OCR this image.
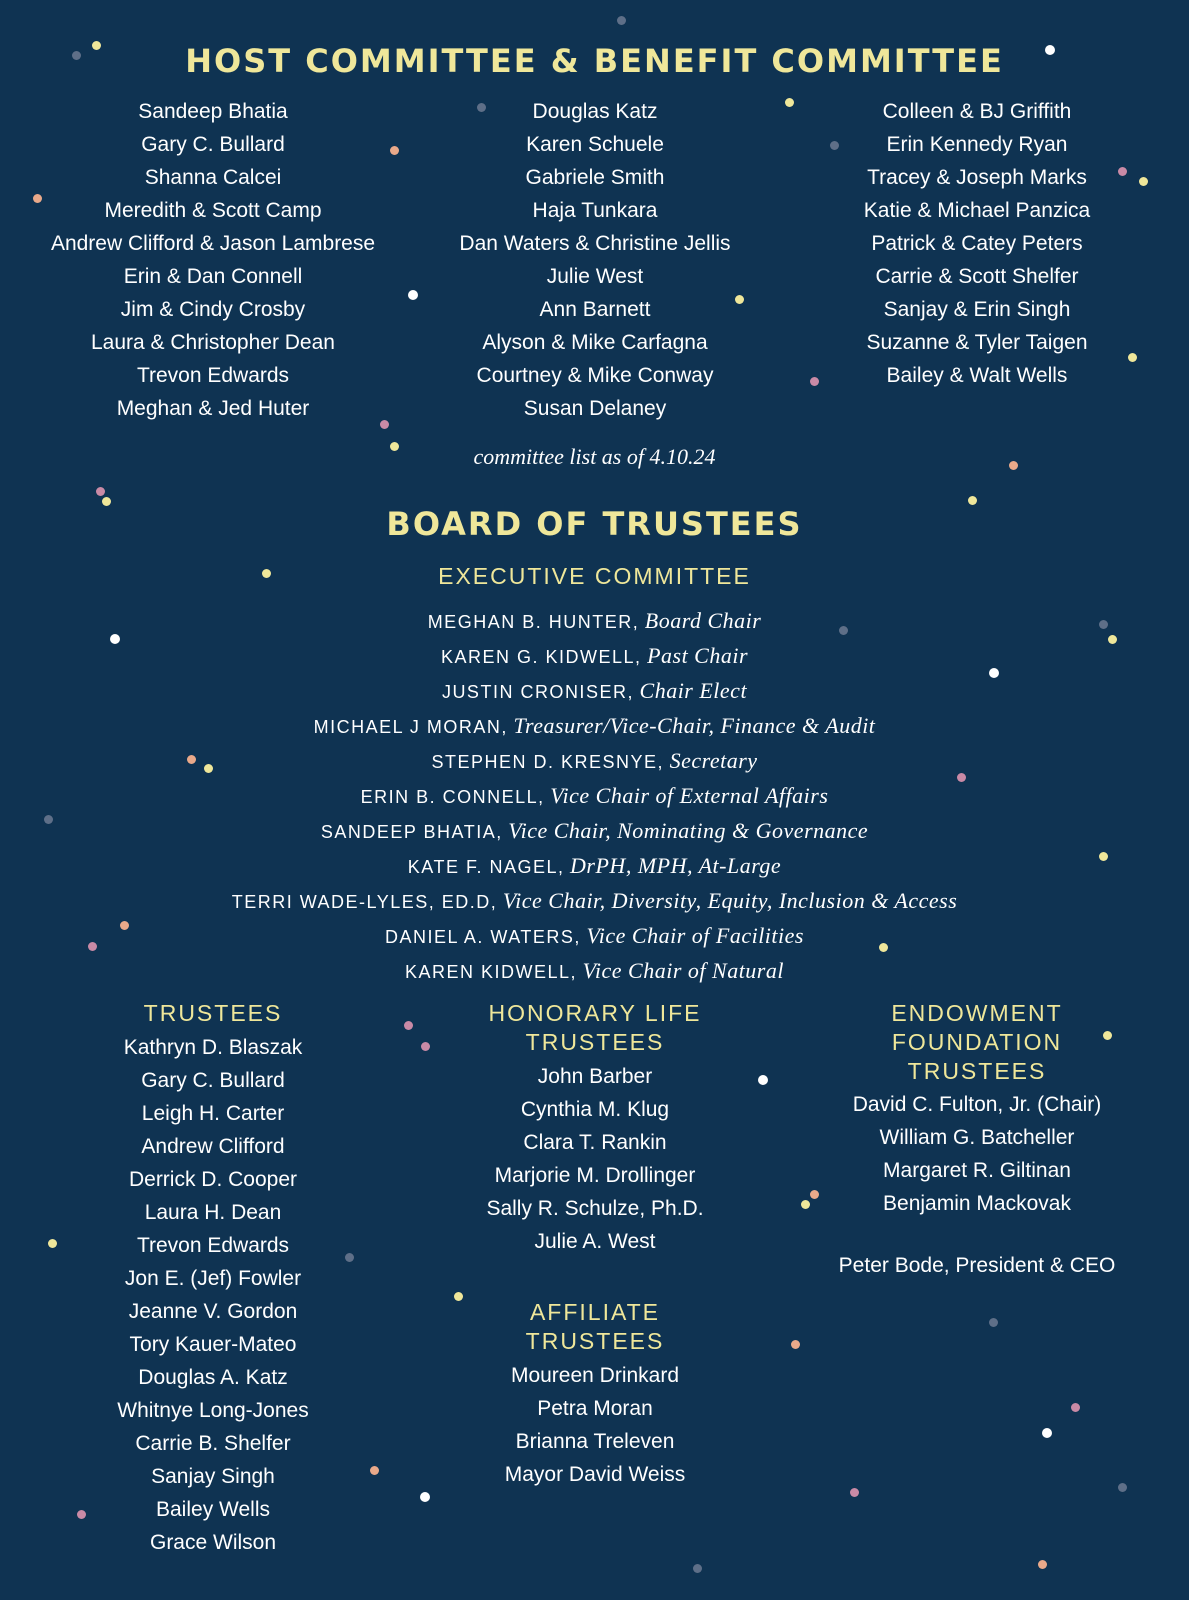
HOST COMMITTEE & BENEFIT COMMITTEE
Sandeep Bhatia
Gary C. Bullard
Shanna Calcei
Meredith & Scott Camp
Andrew Clifford & Jason Lambrese
Erin & Dan Connell
Jim & Cindy Crosby
Laura & Christopher Dean
Trevon Edwards
Meghan & Jed Huter
Douglas Katz
Karen Schuele
Gabriele Smith
Haja Tunkara
Dan Waters & Christine Jellis
Julie West
Ann Barnett
Alyson & Mike Carfagna
Courtney & Mike Conway
Susan Delaney
Colleen & BJ Griffith
Erin Kennedy Ryan
Tracey & Joseph Marks
Katie & Michael Panzica
Patrick & Catey Peters
Carrie & Scott Shelfer
Sanjay & Erin Singh
Suzanne & Tyler Taigen
Bailey & Walt Wells
committee list as of 4.10.24
BOARD OF TRUSTEES
EXECUTIVE COMMITTEE
MEGHAN B. HUNTER, Board Chair
KAREN G. KIDWELL, Past Chair
JUSTIN CRONISER, Chair Elect
MICHAEL J MORAN, Treasurer/Vice-Chair, Finance & Audit
STEPHEN D. KRESNYE, Secretary
ERIN B. CONNELL, Vice Chair of External Affairs
SANDEEP BHATIA, Vice Chair, Nominating & Governance
KATE F. NAGEL, DrPH, MPH, At-Large
TERRI WADE-LYLES, ED.D, Vice Chair, Diversity, Equity, Inclusion & Access
DANIEL A. WATERS, Vice Chair of Facilities
KAREN KIDWELL, Vice Chair of Natural
TRUSTEES
Kathryn D. Blaszak
Gary C. Bullard
Leigh H. Carter
Andrew Clifford
Derrick D. Cooper
Laura H. Dean
Trevon Edwards
Jon E. (Jef) Fowler
Jeanne V. Gordon
Tory Kauer-Mateo
Douglas A. Katz
Whitnye Long-Jones
Carrie B. Shelfer
Sanjay Singh
Bailey Wells
Grace Wilson
HONORARY LIFE
TRUSTEES
John Barber
Cynthia M. Klug
Clara T. Rankin
Marjorie M. Drollinger
Sally R. Schulze, Ph.D.
Julie A. West
AFFILIATE
TRUSTEES
Moureen Drinkard
Petra Moran
Brianna Treleven
Mayor David Weiss
ENDOWMENT
FOUNDATION
TRUSTEES
David C. Fulton, Jr. (Chair)
William G. Batcheller
Margaret R. Giltinan
Benjamin Mackovak
Peter Bode, President & CEO
